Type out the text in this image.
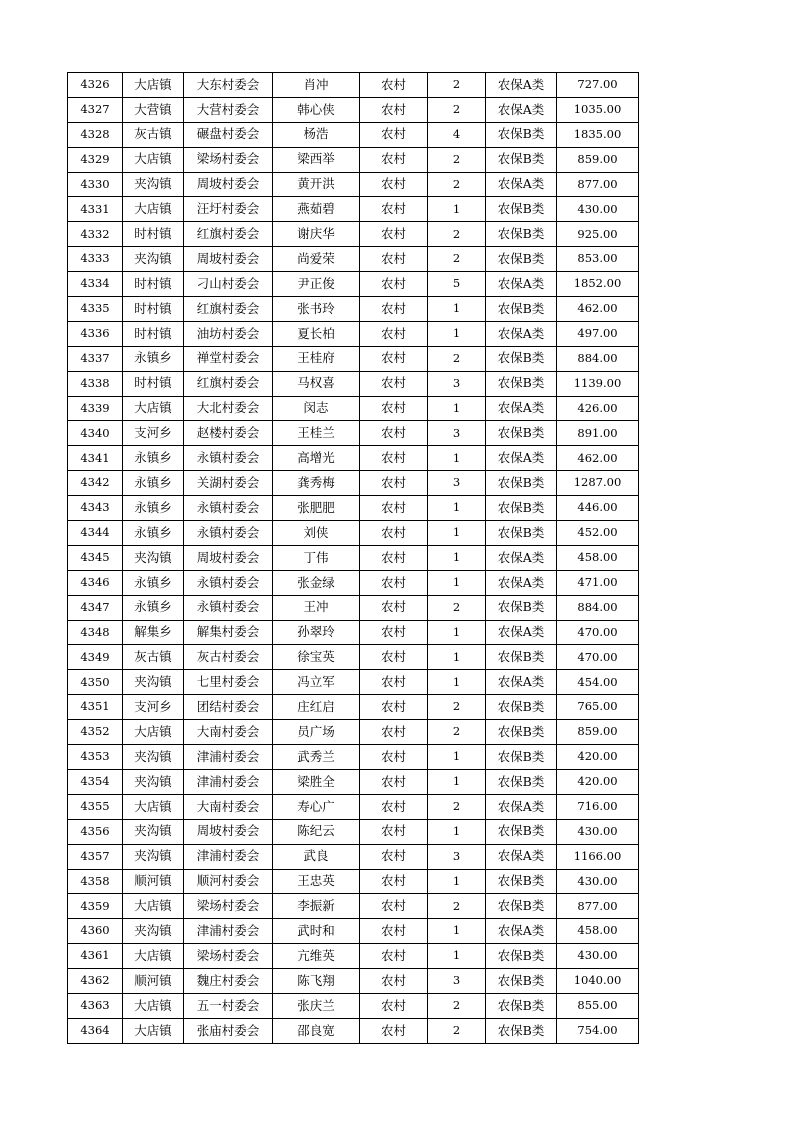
4326	大店镇	大东村委会	肖冲	农村	2	农保A类	727.00
4327	大营镇	大营村委会	韩心侠	农村	2	农保A类	1035.00
4328	灰古镇	碾盘村委会	杨浩	农村	4	农保B类	1835.00
4329	大店镇	梁场村委会	梁西举	农村	2	农保B类	859.00
4330	夹沟镇	周坡村委会	黄开洪	农村	2	农保A类	877.00
4331	大店镇	汪圩村委会	燕茹碧	农村	1	农保B类	430.00
4332	时村镇	红旗村委会	谢庆华	农村	2	农保B类	925.00
4333	夹沟镇	周坡村委会	尚爱荣	农村	2	农保B类	853.00
4334	时村镇	刁山村委会	尹正俊	农村	5	农保A类	1852.00
4335	时村镇	红旗村委会	张书玲	农村	1	农保B类	462.00
4336	时村镇	油坊村委会	夏长柏	农村	1	农保A类	497.00
4337	永镇乡	禅堂村委会	王桂府	农村	2	农保B类	884.00
4338	时村镇	红旗村委会	马权喜	农村	3	农保B类	1139.00
4339	大店镇	大北村委会	闵志	农村	1	农保A类	426.00
4340	支河乡	赵楼村委会	王桂兰	农村	3	农保B类	891.00
4341	永镇乡	永镇村委会	高增光	农村	1	农保A类	462.00
4342	永镇乡	关湖村委会	龚秀梅	农村	3	农保B类	1287.00
4343	永镇乡	永镇村委会	张肥肥	农村	1	农保B类	446.00
4344	永镇乡	永镇村委会	刘侠	农村	1	农保B类	452.00
4345	夹沟镇	周坡村委会	丁伟	农村	1	农保A类	458.00
4346	永镇乡	永镇村委会	张金绿	农村	1	农保A类	471.00
4347	永镇乡	永镇村委会	王冲	农村	2	农保B类	884.00
4348	解集乡	解集村委会	孙翠玲	农村	1	农保A类	470.00
4349	灰古镇	灰古村委会	徐宝英	农村	1	农保B类	470.00
4350	夹沟镇	七里村委会	冯立军	农村	1	农保A类	454.00
4351	支河乡	团结村委会	庄红启	农村	2	农保B类	765.00
4352	大店镇	大南村委会	员广场	农村	2	农保B类	859.00
4353	夹沟镇	津浦村委会	武秀兰	农村	1	农保B类	420.00
4354	夹沟镇	津浦村委会	梁胜全	农村	1	农保B类	420.00
4355	大店镇	大南村委会	寿心广	农村	2	农保A类	716.00
4356	夹沟镇	周坡村委会	陈纪云	农村	1	农保B类	430.00
4357	夹沟镇	津浦村委会	武良	农村	3	农保A类	1166.00
4358	顺河镇	顺河村委会	王忠英	农村	1	农保B类	430.00
4359	大店镇	梁场村委会	李振新	农村	2	农保B类	877.00
4360	夹沟镇	津浦村委会	武时和	农村	1	农保A类	458.00
4361	大店镇	梁场村委会	亢维英	农村	1	农保B类	430.00
4362	顺河镇	魏庄村委会	陈飞翔	农村	3	农保B类	1040.00
4363	大店镇	五一村委会	张庆兰	农村	2	农保B类	855.00
4364	大店镇	张庙村委会	邵良宽	农村	2	农保B类	754.00
